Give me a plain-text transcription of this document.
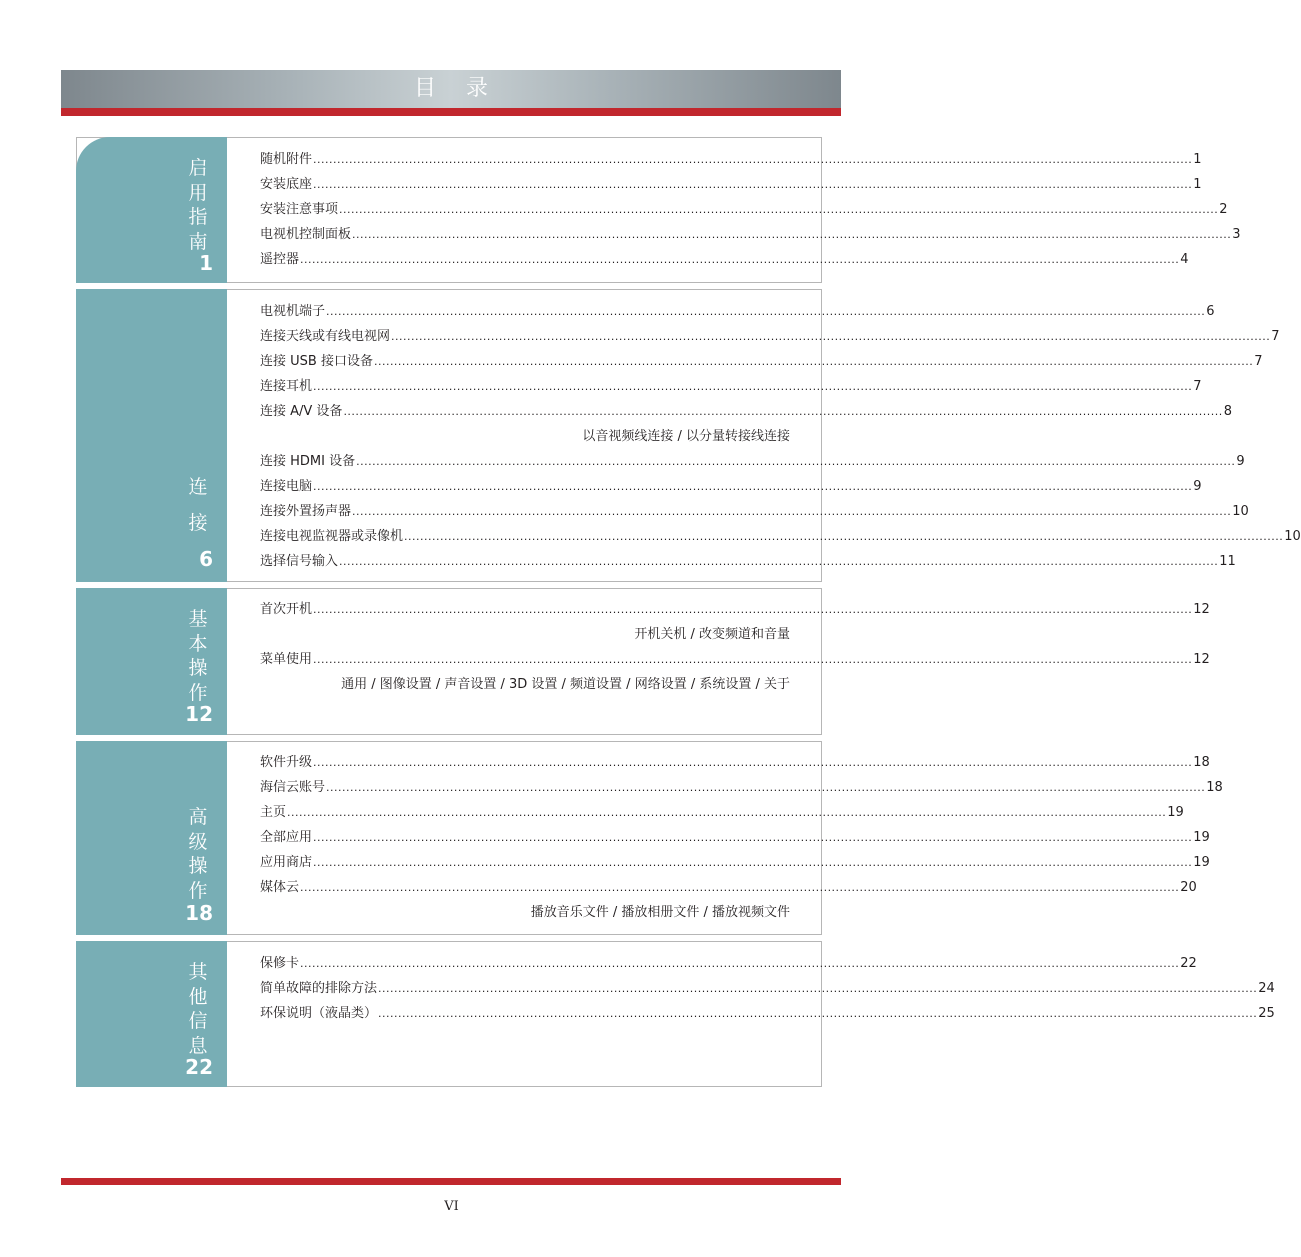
目录
启
用
指
南
1
随机附件 ............................................................................................................................................................................................................................ 1
安装底座 ............................................................................................................................................................................................................................ 1
安装注意事项 ............................................................................................................................................................................................................................ 2
电视机控制面板 ............................................................................................................................................................................................................................ 3
遥控器 ............................................................................................................................................................................................................................ 4
连
接
6
电视机端子 ............................................................................................................................................................................................................................ 6
连接天线或有线电视网 ............................................................................................................................................................................................................................ 7
连接 USB 接口设备 ............................................................................................................................................................................................................................ 7
连接耳机 ............................................................................................................................................................................................................................ 7
连接 A/V 设备 ............................................................................................................................................................................................................................ 8
以音视频线连接 / 以分量转接线连接
连接 HDMI 设备 ............................................................................................................................................................................................................................ 9
连接电脑 ............................................................................................................................................................................................................................ 9
连接外置扬声器 ............................................................................................................................................................................................................................ 10
连接电视监视器或录像机 ............................................................................................................................................................................................................................ 10
选择信号输入 ............................................................................................................................................................................................................................ 11
基
本
操
作
12
首次开机 ............................................................................................................................................................................................................................ 12
开机关机 / 改变频道和音量
菜单使用 ............................................................................................................................................................................................................................ 12
通用 / 图像设置 / 声音设置 / 3D 设置 / 频道设置 / 网络设置 / 系统设置 / 关于
高
级
操
作
18
软件升级 ............................................................................................................................................................................................................................ 18
海信云账号 ............................................................................................................................................................................................................................ 18
主页 ............................................................................................................................................................................................................................ 19
全部应用 ............................................................................................................................................................................................................................ 19
应用商店 ............................................................................................................................................................................................................................ 19
媒体云 ............................................................................................................................................................................................................................ 20
播放音乐文件 / 播放相册文件 / 播放视频文件
其
他
信
息
22
保修卡 ............................................................................................................................................................................................................................ 22
简单故障的排除方法 ............................................................................................................................................................................................................................ 24
环保说明（液晶类） ............................................................................................................................................................................................................................ 25
VI
